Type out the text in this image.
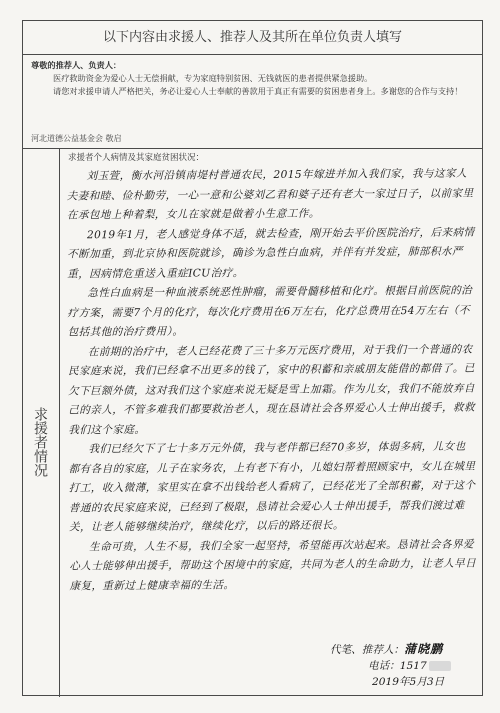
以下内容由求援人、推荐人及其所在单位负责人填写

尊敬的推荐人、负责人：

医疗救助资金为爱心人士无偿捐献，专为家庭特别贫困、无钱就医的患者提供紧急援助。

请您对求援申请人严格把关，务必让爱心人士奉献的善款用于真正有需要的贫困患者身上。多谢您的合作与支持！

河北道德公益基金会 敬启
求援者情况
求援者个人病情及其家庭贫困状况：

刘玉萱，衡水河沿镇南堤村普通农民，2015年嫁进并加入我们家，我与这家人夫妻和睦、俭朴勤劳，一心一意和公婆刘乙君和婆子还有老大一家过日子，以前家里在承包地上种着梨，女儿在家就是做着小生意工作。

2019年1月，老人感觉身体不适，就去检查，刚开始去平价医院治疗，后来病情不断加重，到北京协和医院就诊，确诊为急性白血病，并伴有并发症，肺部积水严重，因病情危重送入重症ICU治疗。

急性白血病是一种血液系统恶性肿瘤，需要骨髓移植和化疗。根据目前医院的治疗方案，需要7个月的化疗，每次化疗费用在6万左右，化疗总费用在54万左右（不包括其他的治疗费用）。

在前期的治疗中，老人已经花费了三十多万元医疗费用，对于我们一个普通的农民家庭来说，我们已经拿不出更多的钱了，家中的积蓄和亲戚朋友能借的都借了。已欠下巨额外债，这对我们这个家庭来说无疑是雪上加霜。作为儿女，我们不能放弃自己的亲人，不管多难我们都要救治老人，现在恳请社会各界爱心人士伸出援手，救救我们这个家庭。

我们已经欠下了七十多万元外债，我与老伴都已经70多岁，体弱多病，儿女也都有各自的家庭，儿子在家务农，上有老下有小，儿媳妇帮着照顾家中，女儿在城里打工，收入微薄，家里实在拿不出钱给老人看病了，已经花光了全部积蓄，对于这个普通的农民家庭来说，已经到了极限，恳请社会爱心人士伸出援手，帮我们渡过难关，让老人能够继续治疗，继续化疗，以后的路还很长。

生命可贵，人生不易，我们全家一起坚持，希望能再次站起来。恳请社会各界爱心人士能够伸出援手，帮助这个困境中的家庭，共同为老人的生命助力，让老人早日康复，重新过上健康幸福的生活。

代笔、推荐人：蒲晓鹏
电话：1517
2019年5月3日
